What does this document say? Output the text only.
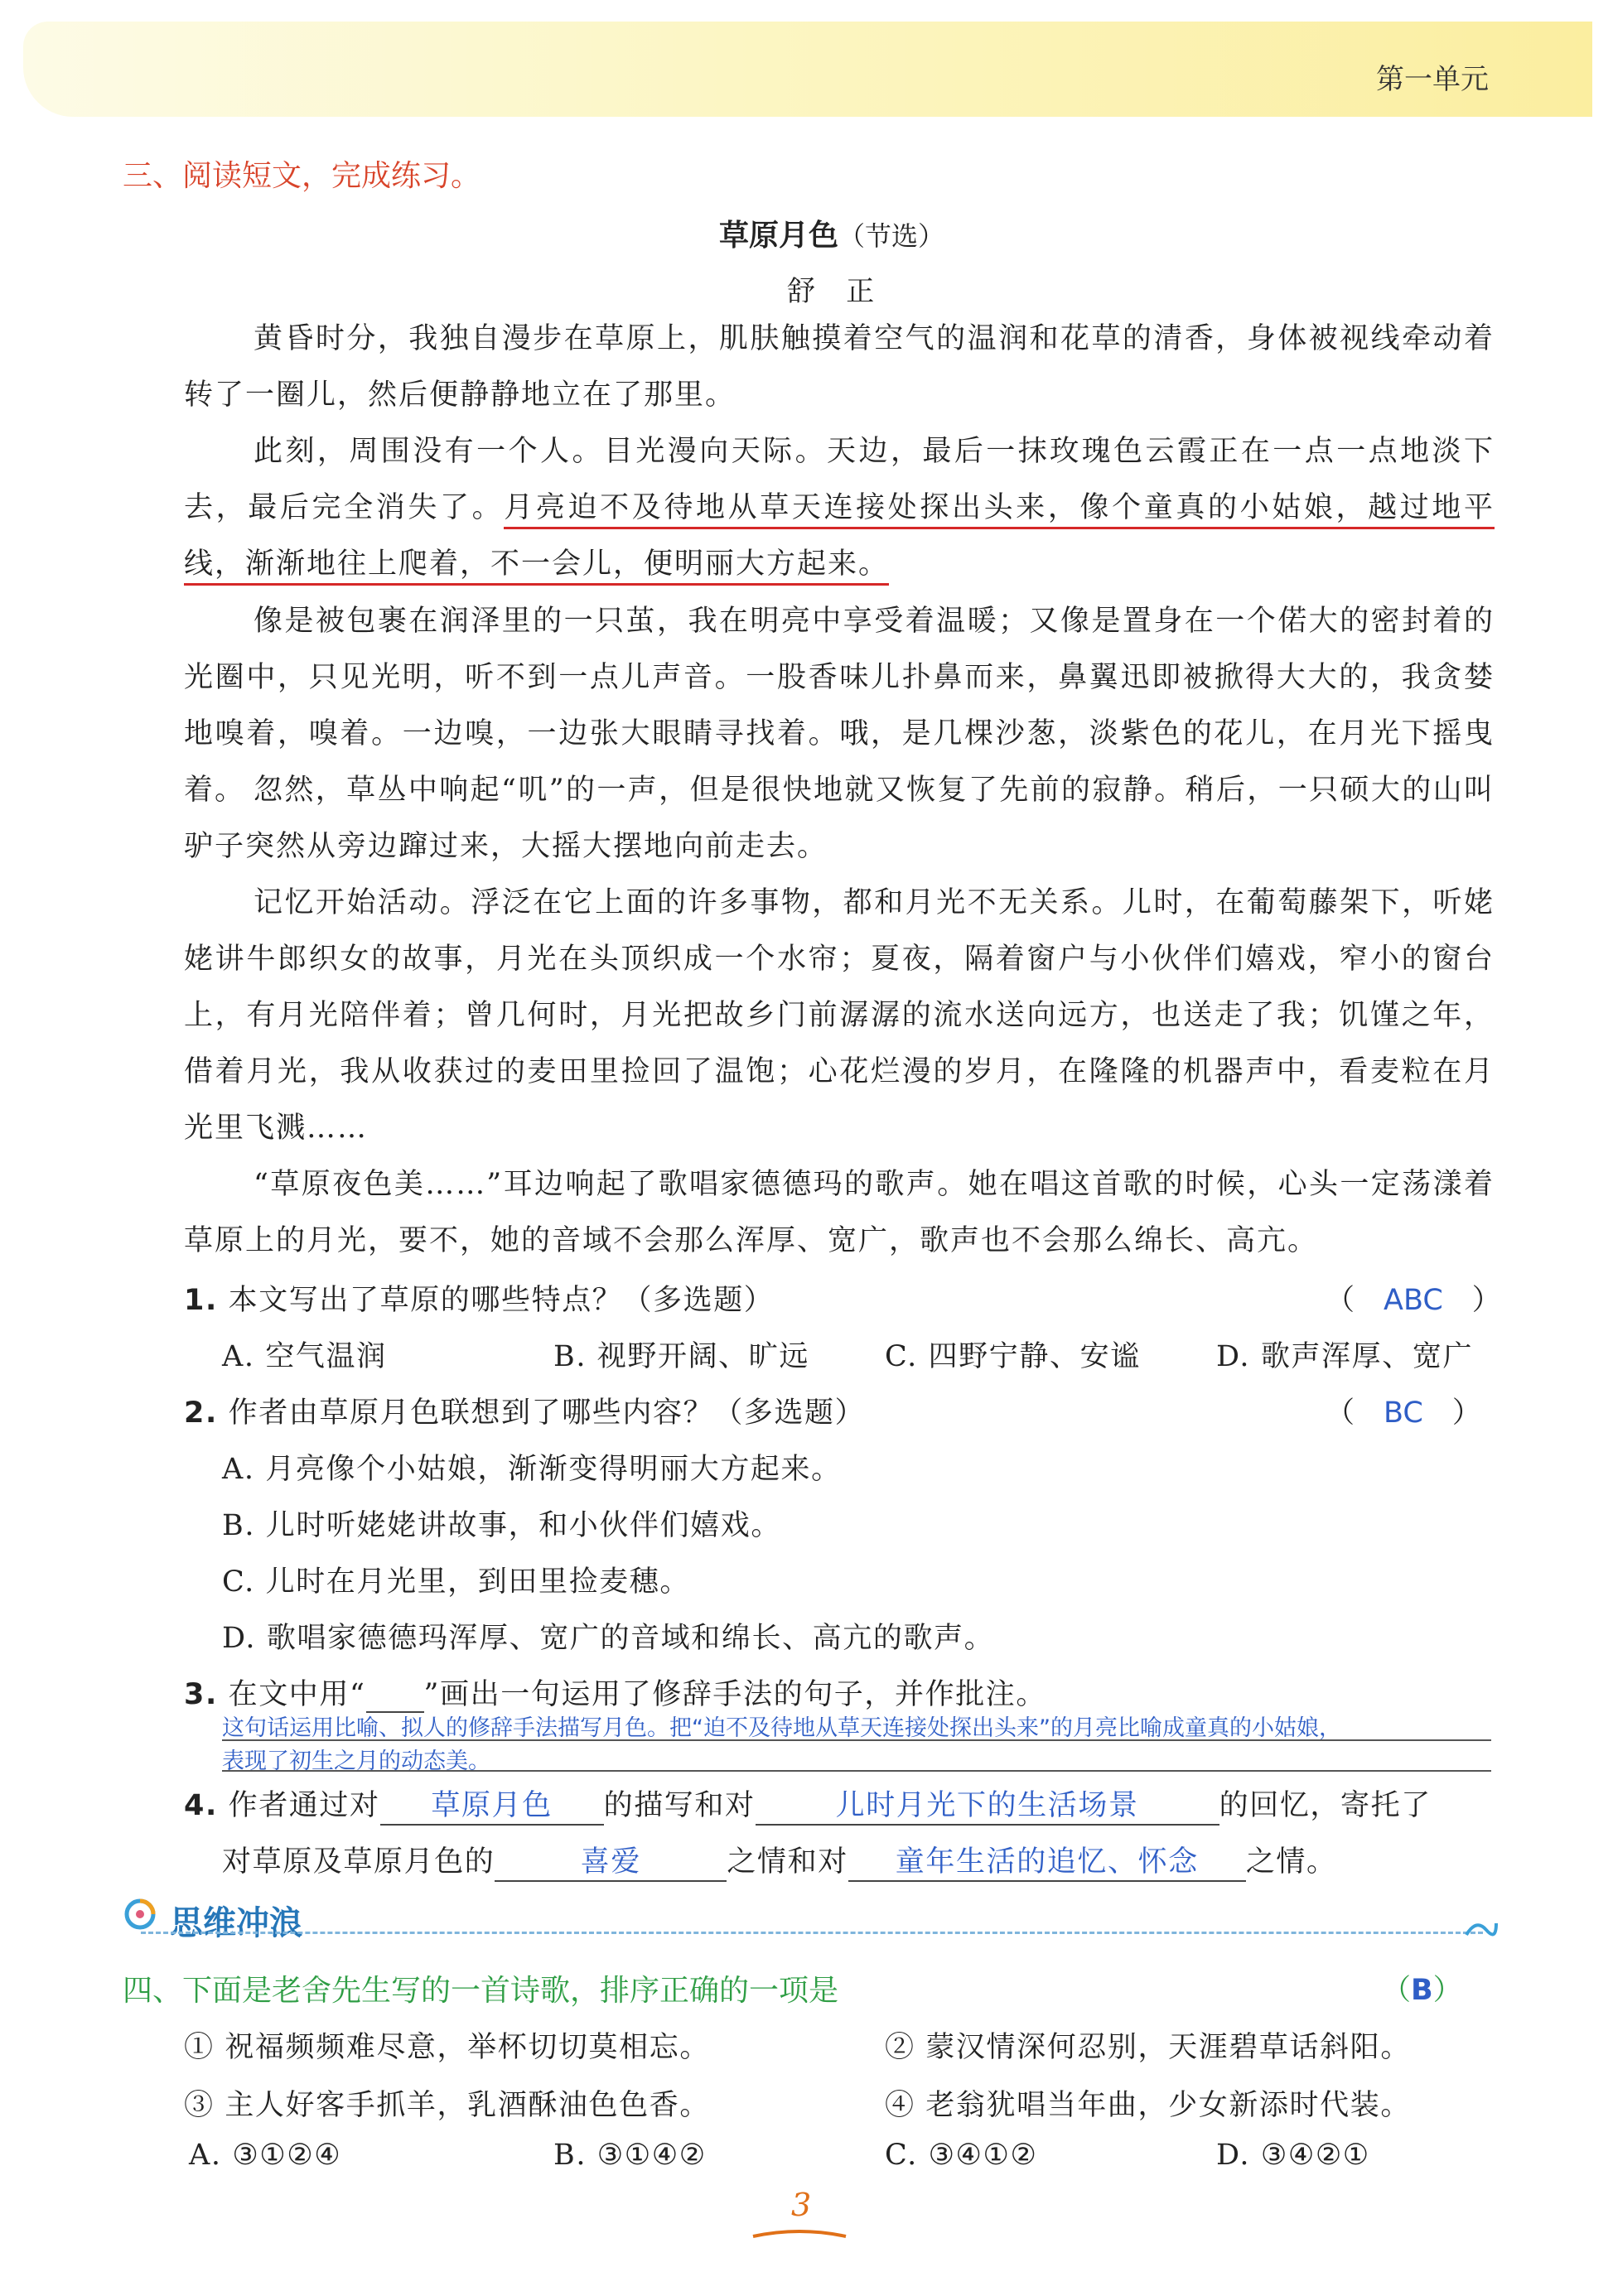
第一单元
三、阅读短文，完成练习。
草原月色（节选）
舒　正
黄昏时分，我独自漫步在草原上，肌肤触摸着空气的温润和花草的清香，身体被视线牵动着转了一圈儿，然后便静静地立在了那里。
此刻，周围没有一个人。目光漫向天际。天边，最后一抹玫瑰色云霞正在一点一点地淡下去，最后完全消失了。月亮迫不及待地从草天连接处探出头来，像个童真的小姑娘，越过地平线，渐渐地往上爬着，不一会儿，便明丽大方起来。
像是被包裹在润泽里的一只茧，我在明亮中享受着温暖；又像是置身在一个偌大的密封着的光圈中，只见光明，听不到一点儿声音。一股香味儿扑鼻而来，鼻翼迅即被掀得大大的，我贪婪地嗅着，嗅着。一边嗅，一边张大眼睛寻找着。哦，是几棵沙葱，淡紫色的花儿，在月光下摇曳着。 忽然，草丛中响起“叽”的一声，但是很快地就又恢复了先前的寂静。稍后，一只硕大的山叫驴子突然从旁边蹿过来，大摇大摆地向前走去。
记忆开始活动。浮泛在它上面的许多事物，都和月光不无关系。儿时，在葡萄藤架下，听姥姥讲牛郎织女的故事，月光在头顶织成一个水帘；夏夜，隔着窗户与小伙伴们嬉戏，窄小的窗台上，有月光陪伴着；曾几何时，月光把故乡门前潺潺的流水送向远方，也送走了我；饥馑之年，借着月光，我从收获过的麦田里捡回了温饱；心花烂漫的岁月，在隆隆的机器声中，看麦粒在月光里飞溅……
“草原夜色美……”耳边响起了歌唱家德德玛的歌声。她在唱这首歌的时候，心头一定荡漾着草原上的月光，要不，她的音域不会那么浑厚、宽广，歌声也不会那么绵长、高亢。
1. 本文写出了草原的哪些特点？（多选题）	（　ABC　）
A. 空气温润	B. 视野开阔、旷远	C. 四野宁静、安谧	D. 歌声浑厚、宽广
2. 作者由草原月色联想到了哪些内容？（多选题）	（　BC　）
A. 月亮像个小姑娘，渐渐变得明丽大方起来。
B. 儿时听姥姥讲故事，和小伙伴们嬉戏。
C. 儿时在月光里，到田里捡麦穗。
D. 歌唱家德德玛浑厚、宽广的音域和绵长、高亢的歌声。
3. 在文中用“ ”画出一句运用了修辞手法的句子，并作批注。
这句话运用比喻、拟人的修辞手法描写月色。把“迫不及待地从草天连接处探出头来”的月亮比喻成童真的小姑娘，
表现了初生之月的动态美。
4. 作者通过对 草原月色 的描写和对	儿时月光下的生活场景	的回忆，寄托了
对草原及草原月色的	喜爱	之情和对 童年生活的追忆、怀念 之情。
思维冲浪
四、下面是老舍先生写的一首诗歌，排序正确的一项是	（B）
① 祝福频频难尽意，举杯切切莫相忘。	② 蒙汉情深何忍别，天涯碧草话斜阳。
③ 主人好客手抓羊，乳酒酥油色色香。	④ 老翁犹唱当年曲，少女新添时代装。
A. ③①②④	B. ③①④②	C. ③④①②	D. ③④②①
3
